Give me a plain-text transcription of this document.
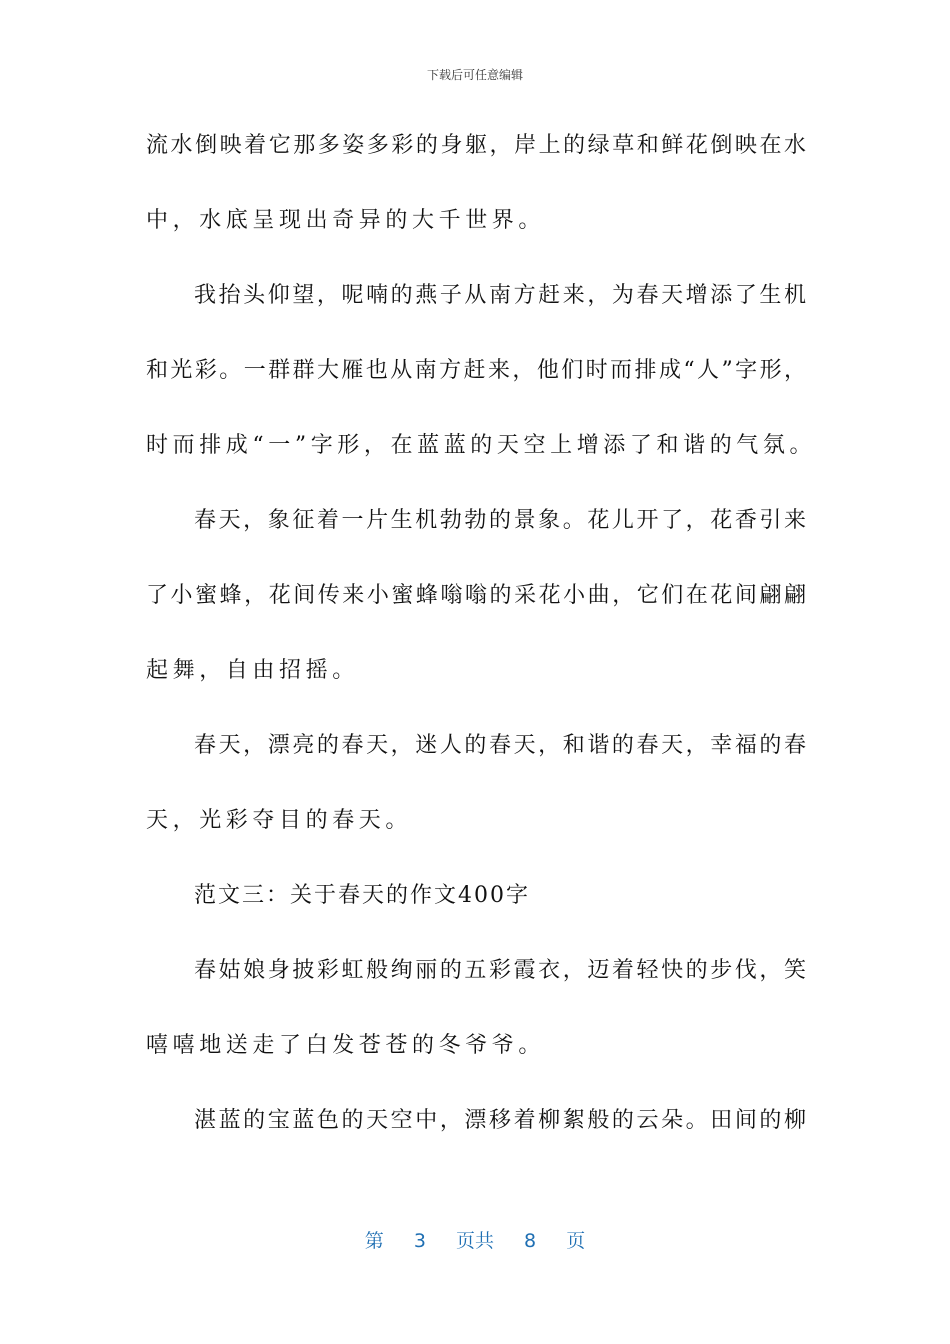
下载后可任意编辑
流水倒映着它那多姿多彩的身躯，岸上的绿草和鲜花倒映在水
中，水底呈现出奇异的大千世界。
我抬头仰望，呢喃的燕子从南方赶来，为春天增添了生机
和光彩。一群群大雁也从南方赶来，他们时而排成“人”字形，
时而排成“一”字形，在蓝蓝的天空上增添了和谐的气氛。
春天，象征着一片生机勃勃的景象。花儿开了，花香引来
了小蜜蜂，花间传来小蜜蜂嗡嗡的采花小曲，它们在花间翩翩
起舞，自由招摇。
春天，漂亮的春天，迷人的春天，和谐的春天，幸福的春
天，光彩夺目的春天。
范文三：关于春天的作文400字
春姑娘身披彩虹般绚丽的五彩霞衣，迈着轻快的步伐，笑
嘻嘻地送走了白发苍苍的冬爷爷。
湛蓝的宝蓝色的天空中，漂移着柳絮般的云朵。田间的柳
第 3 页共 8 页
